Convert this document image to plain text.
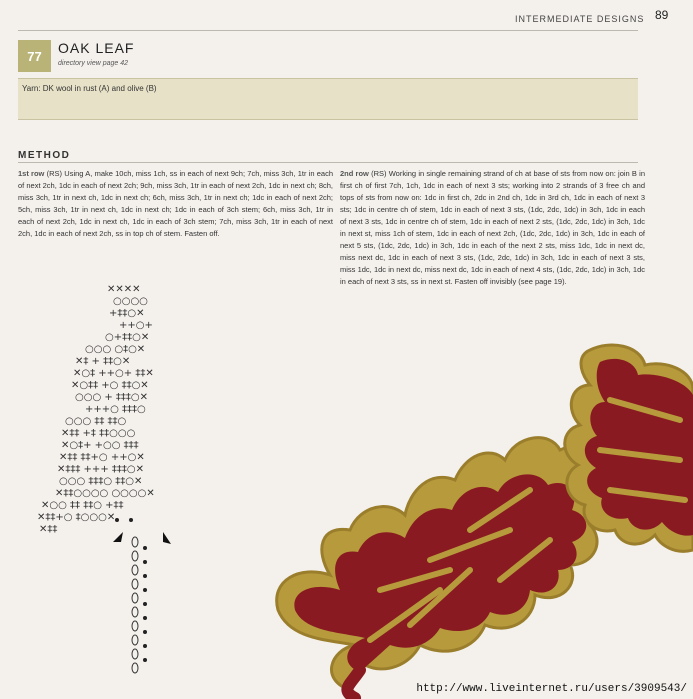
INTERMEDIATE DESIGNS 89
77	OAK LEAF
directory view page 42
Yarn: DK wool in rust (A) and olive (B)
METHOD
1st row (RS) Using A, make 10ch, miss 1ch, ss in each of next 9ch; 7ch, miss 3ch, 1tr in each of next 2ch, 1dc in each of next 2ch; 9ch, miss 3ch, 1tr in each of next 2ch, 1dc in next ch; 8ch, miss 3ch, 1tr in next ch, 1dc in next ch; 6ch, miss 3ch, 1tr in next ch; 1dc in each of next 2ch; 5ch, miss 3ch, 1tr in next ch, 1dc in next ch; 1dc in each of 3ch stem; 6ch, miss 3ch, 1tr in each of next 2ch, 1dc in next ch, 1dc in each of 3ch stem; 7ch, miss 3ch, 1tr in each of next 2ch, 1dc in each of next 2ch, ss in top ch of stem. Fasten off.
2nd row (RS) Working in single remaining strand of ch at base of sts from now on: join B in first ch of first 7ch, 1ch, 1dc in each of next 3 sts; working into 2 strands of 3 free ch and tops of sts from now on: 1dc in first ch, 2dc in 2nd ch, 1dc in 3rd ch, 1dc in each of next 3 sts; 1dc in centre ch of stem, 1dc in each of next 3 sts, (1dc, 2dc, 1dc) in 3ch, 1dc in each of next 3 sts, 1dc in centre ch of stem, 1dc in each of next 2 sts, (1dc, 2dc, 1dc) in 3ch, 1dc in next st, miss 1ch of stem, 1dc in each of next 2ch, (1dc, 2dc, 1dc) in 3ch, 1dc in each of next 5 sts, (1dc, 2dc, 1dc) in 3ch, 1dc in each of the next 2 sts, miss 1dc, 1dc in next dc, miss next dc, 1dc in each of next 3 sts, (1dc, 2dc, 1dc) in 3ch, 1dc in each of next 3 sts, miss 1dc, 1dc in next dc, miss next dc, 1dc in each of next 4 sts, (1dc, 2dc, 1dc) in 3ch, 1dc in each of next 3 sts, ss in next st. Fasten off invisibly (see page 19).
✕✕✕✕
○○○○
+‡‡○✕
++○+
○+‡‡○✕
○○○ ○‡○✕
✕‡ + ‡‡○✕
✕○‡ ++○+ ‡‡✕
✕○‡‡ +○ ‡‡○✕
○○○ + ‡‡‡○✕
+++○ ‡‡‡○
○○○ ‡‡ ‡‡○
✕‡‡ +‡ ‡‡○○○
✕○‡+ +○○ ‡‡‡
✕‡‡ ‡‡+○ ++○✕
✕‡‡‡ +++ ‡‡‡○✕
○○○ ‡‡‡○ ‡‡○✕
✕‡‡○○○○ ○○○○✕
✕○○ ‡‡ ‡‡○ +‡‡
✕‡‡+○ ‡○○○✕
✕‡‡
http://www.liveinternet.ru/users/3909543/
